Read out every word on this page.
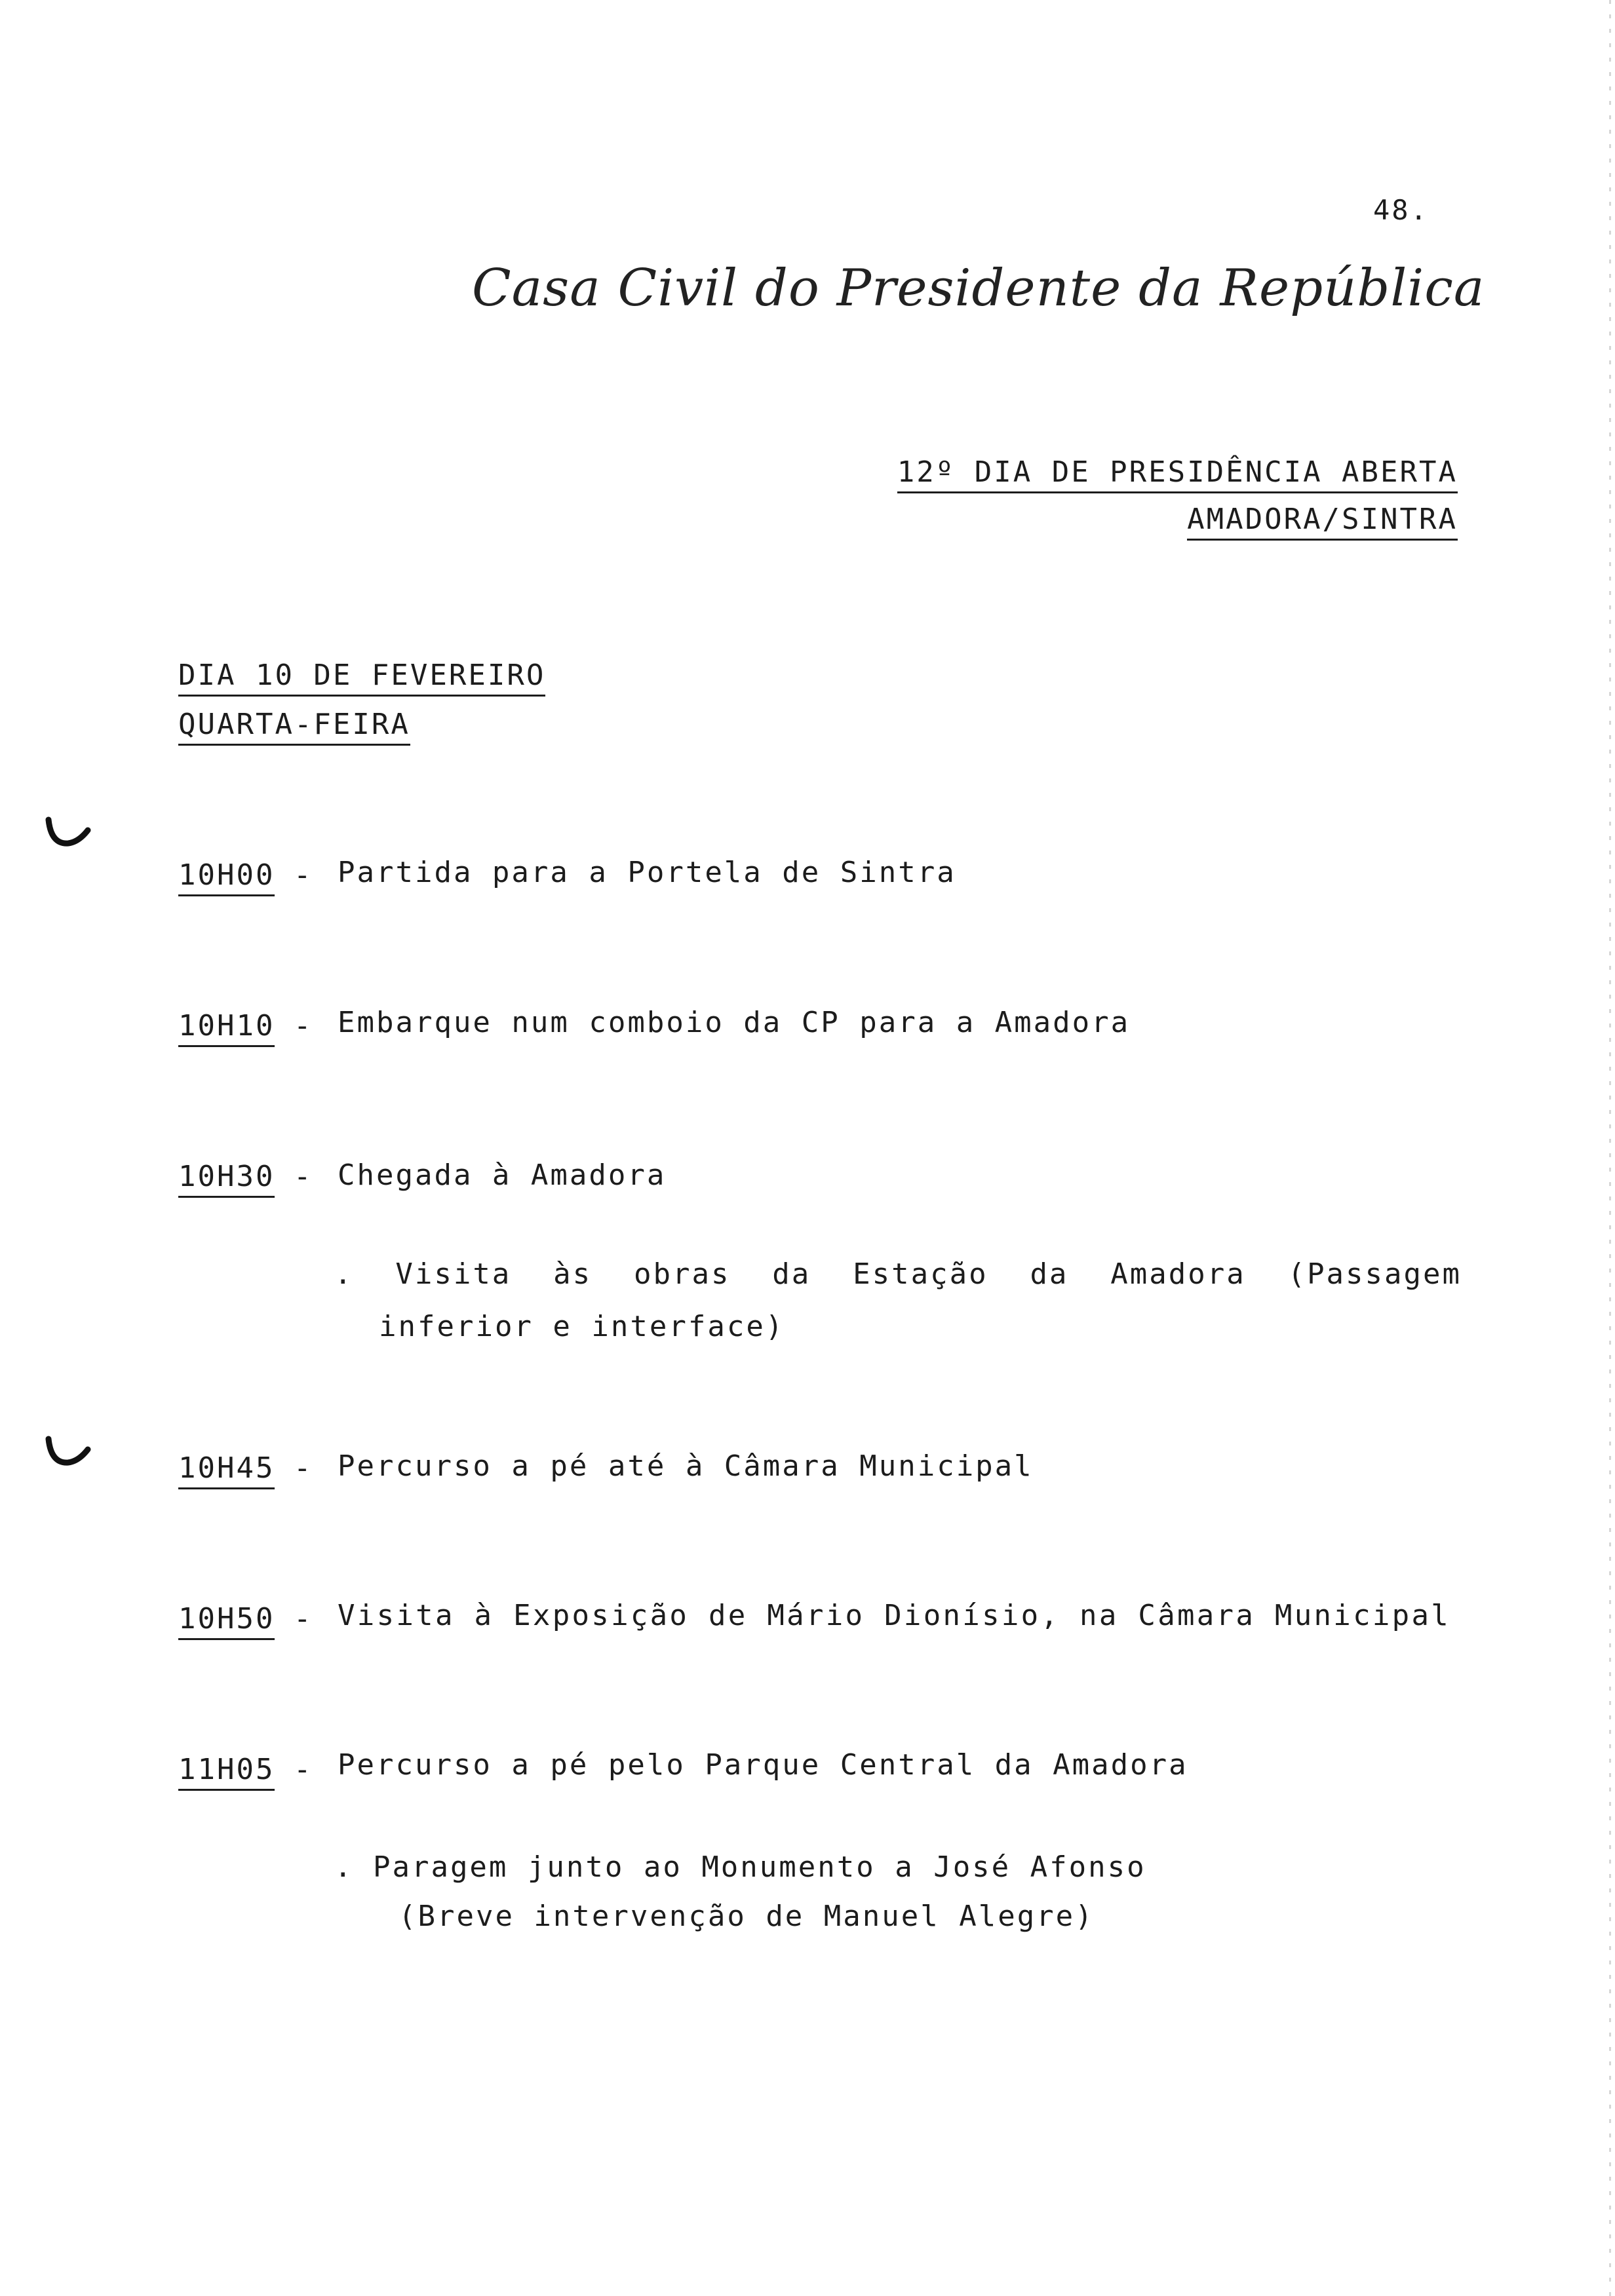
48.
Casa Civil do Presidente da República
12º DIA DE PRESIDÊNCIA ABERTA
AMADORA/SINTRA
DIA 10 DE FEVEREIRO
QUARTA-FEIRA
10H00 - Partida para a Portela de Sintra
10H10 - Embarque num comboio da CP para a Amadora
10H30 - Chegada à Amadora
. Visita às obras da Estação da Amadora (Passagem
inferior e interface)
10H45 - Percurso a pé até à Câmara Municipal
10H50 - Visita à Exposição de Mário Dionísio, na Câmara Municipal
11H05 - Percurso a pé pelo Parque Central da Amadora
. Paragem junto ao Monumento a José Afonso
(Breve intervenção de Manuel Alegre)
